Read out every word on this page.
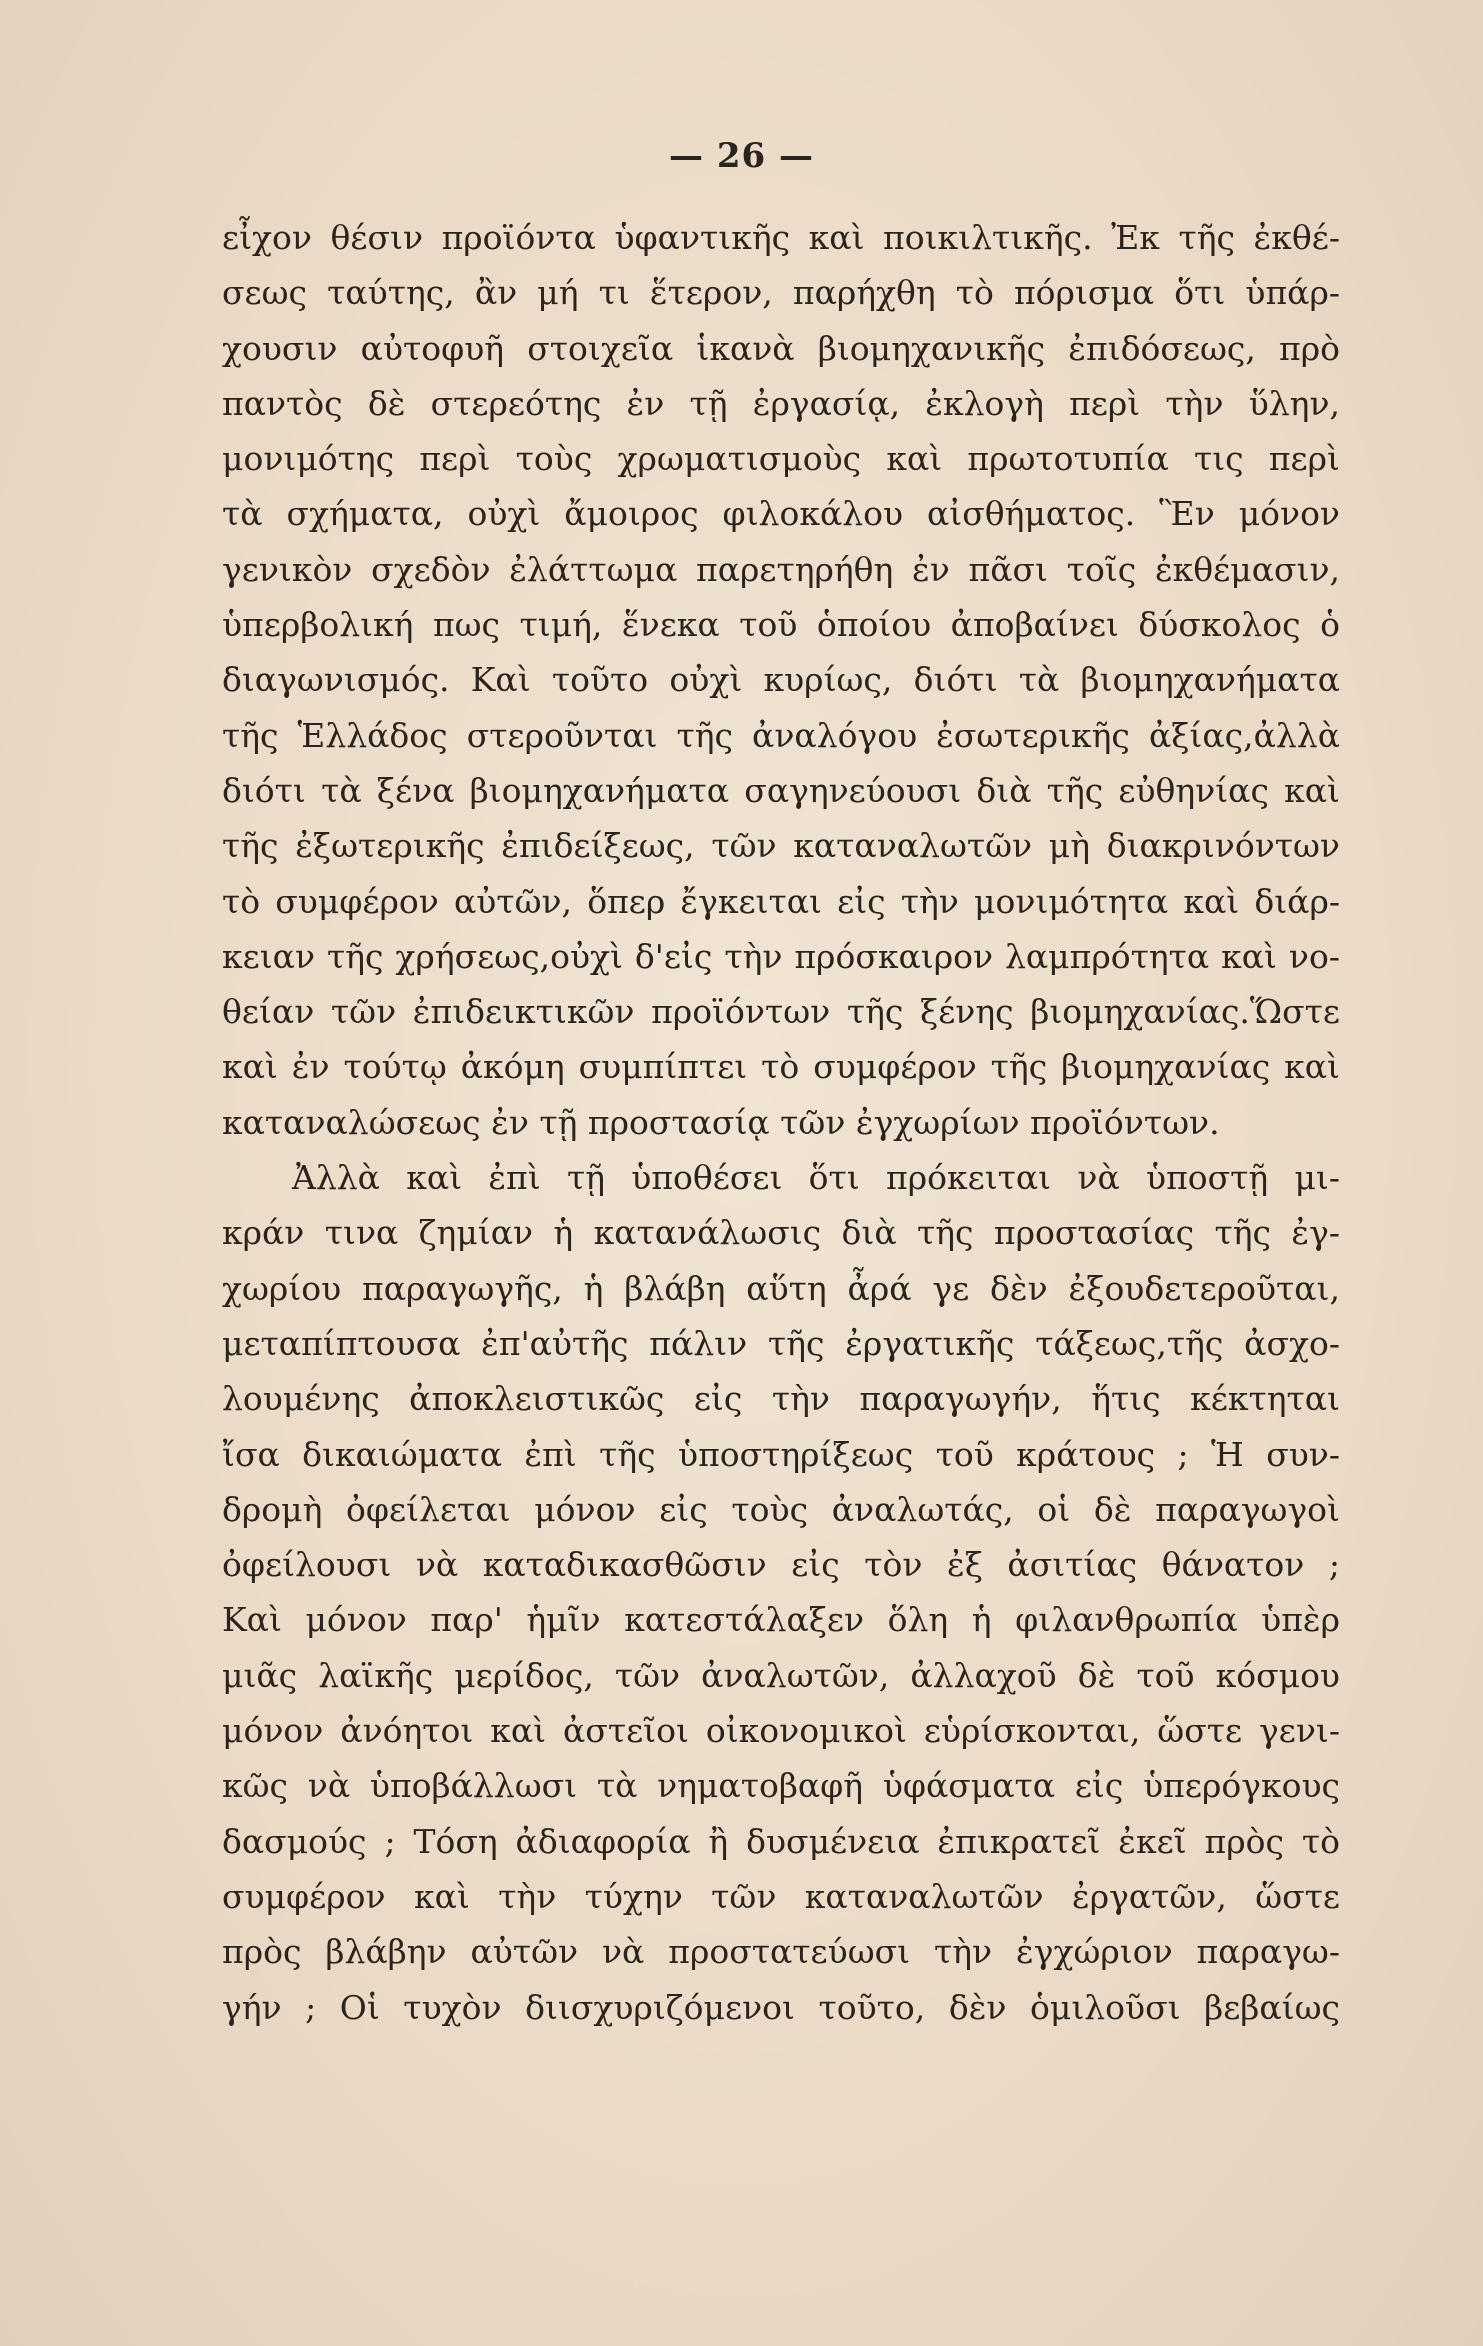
— 26 —

εἶχον θέσιν προϊόντα ὑφαντικῆς καὶ ποικιλτικῆς. Ἐκ τῆς ἐκθέ-
σεως ταύτης, ἂν μή τι ἕτερον, παρήχθη τὸ πόρισμα ὅτι ὑπάρ-
χουσιν αὐτοφυῆ στοιχεῖα ἱκανὰ βιομηχανικῆς ἐπιδόσεως, πρὸ
παντὸς δὲ στερεότης ἐν τῇ ἐργασίᾳ, ἐκλογὴ περὶ τὴν ὕλην,
μονιμότης περὶ τοὺς χρωματισμοὺς καὶ πρωτοτυπία τις περὶ
τὰ σχήματα, οὐχὶ ἄμοιρος φιλοκάλου αἰσθήματος. Ἓν μόνον
γενικὸν σχεδὸν ἐλάττωμα παρετηρήθη ἐν πᾶσι τοῖς ἐκθέμασιν,
ὑπερβολική πως τιμή, ἕνεκα τοῦ ὁποίου ἀποβαίνει δύσκολος ὁ
διαγωνισμός. Καὶ τοῦτο οὐχὶ κυρίως, διότι τὰ βιομηχανήματα
τῆς Ἑλλάδος στεροῦνται τῆς ἀναλόγου ἐσωτερικῆς ἀξίας,ἀλλὰ
διότι τὰ ξένα βιομηχανήματα σαγηνεύουσι διὰ τῆς εὐθηνίας καὶ
τῆς ἐξωτερικῆς ἐπιδείξεως, τῶν καταναλωτῶν μὴ διακρινόντων
τὸ συμφέρον αὐτῶν, ὅπερ ἔγκειται εἰς τὴν μονιμότητα καὶ διάρ-
κειαν τῆς χρήσεως,οὐχὶ δ'εἰς τὴν πρόσκαιρον λαμπρότητα καὶ νο-
θείαν τῶν ἐπιδεικτικῶν προϊόντων τῆς ξένης βιομηχανίας.Ὥστε
καὶ ἐν τούτῳ ἀκόμη συμπίπτει τὸ συμφέρον τῆς βιομηχανίας καὶ
καταναλώσεως ἐν τῇ προστασίᾳ τῶν ἐγχωρίων προϊόντων.

Ἀλλὰ καὶ ἐπὶ τῇ ὑποθέσει ὅτι πρόκειται νὰ ὑποστῇ μι-
κράν τινα ζημίαν ἡ κατανάλωσις διὰ τῆς προστασίας τῆς ἐγ-
χωρίου παραγωγῆς, ἡ βλάβη αὕτη ἆρά γε δὲν ἐξουδετεροῦται,
μεταπίπτουσα ἐπ'αὐτῆς πάλιν τῆς ἐργατικῆς τάξεως,τῆς ἀσχο-
λουμένης ἀποκλειστικῶς εἰς τὴν παραγωγήν, ἥτις κέκτηται
ἴσα δικαιώματα ἐπὶ τῆς ὑποστηρίξεως τοῦ κράτους ; Ἡ συν-
δρομὴ ὀφείλεται μόνον εἰς τοὺς ἀναλωτάς, οἱ δὲ παραγωγοὶ
ὀφείλουσι νὰ καταδικασθῶσιν εἰς τὸν ἐξ ἀσιτίας θάνατον ;
Καὶ μόνον παρ' ἡμῖν κατεστάλαξεν ὅλη ἡ φιλανθρωπία ὑπὲρ
μιᾶς λαϊκῆς μερίδος, τῶν ἀναλωτῶν, ἀλλαχοῦ δὲ τοῦ κόσμου
μόνον ἀνόητοι καὶ ἀστεῖοι οἰκονομικοὶ εὑρίσκονται, ὥστε γενι-
κῶς νὰ ὑποβάλλωσι τὰ νηματοβαφῆ ὑφάσματα εἰς ὑπερόγκους
δασμούς ; Τόση ἀδιαφορία ἢ δυσμένεια ἐπικρατεῖ ἐκεῖ πρὸς τὸ
συμφέρον καὶ τὴν τύχην τῶν καταναλωτῶν ἐργατῶν, ὥστε
πρὸς βλάβην αὐτῶν νὰ προστατεύωσι τὴν ἐγχώριον παραγω-
γήν ; Οἱ τυχὸν διισχυριζόμενοι τοῦτο, δὲν ὁμιλοῦσι βεβαίως
